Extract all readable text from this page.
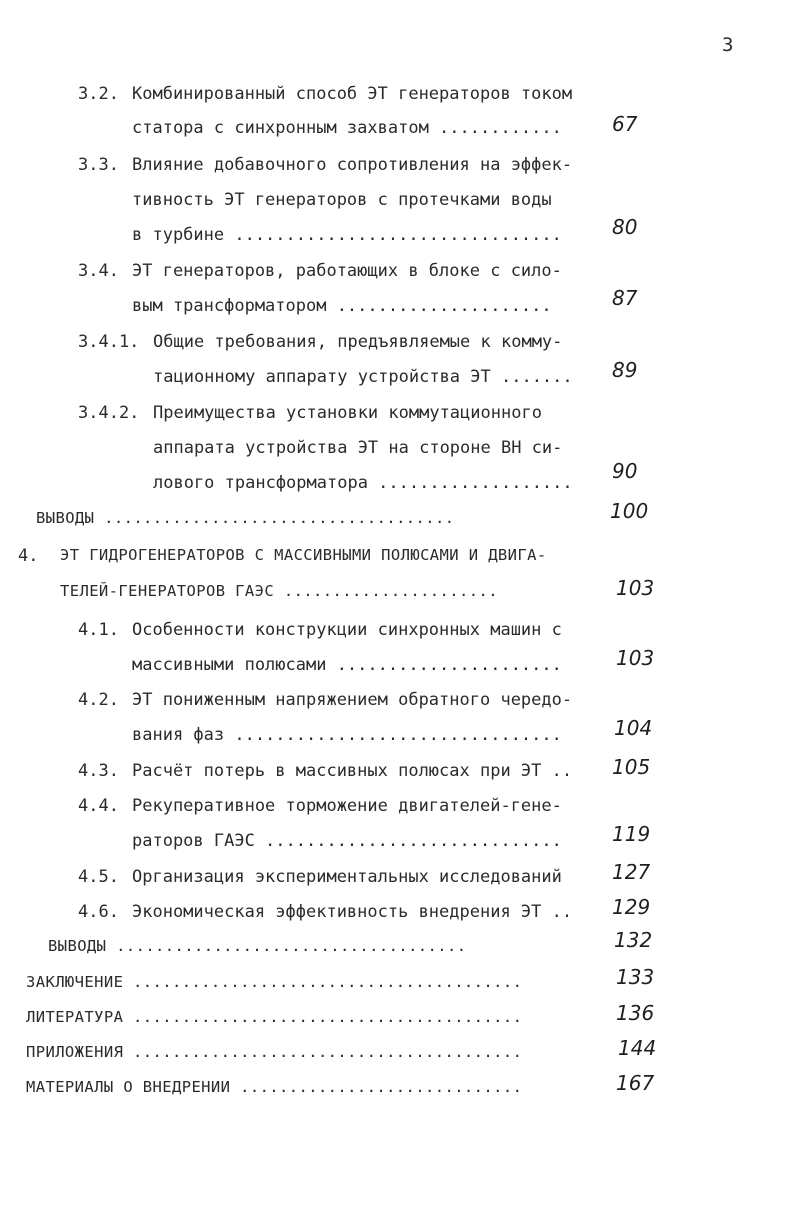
3
3.2. Комбинированный способ ЭТ генераторов током
статора с синхронным захватом ............	67
3.3. Влияние добавочного сопротивления на эффек-
тивность ЭТ генераторов с протечками воды
в турбине ................................	80
3.4. ЭТ генераторов, работающих в блоке с сило-
вым трансформатором .....................	87
3.4.1. Общие требования, предъявляемые к комму-
тационному аппарату устройства ЭТ ....... 89
3.4.2. Преимущества установки коммутационного
аппарата устройства ЭТ на стороне ВН си-
лового трансформатора ................... 90
ВЫВОДЫ ....................................	100
4. ЭТ ГИДРОГЕНЕРАТОРОВ С МАССИВНЫМИ ПОЛЮСАМИ И ДВИГА-
ТЕЛЕЙ-ГЕНЕРАТОРОВ ГАЭС ......................	103
4.1. Особенности конструкции синхронных машин с
массивными полюсами ......................	103
4.2. ЭТ пониженным напряжением обратного чередо-
вания фаз ................................	104
4.3. Расчёт потерь в массивных полюсах при ЭТ .. 105
4.4. Рекуперативное торможение двигателей-гене-
раторов ГАЭС .............................	119
4.5. Организация экспериментальных исследований	127
4.6. Экономическая эффективность внедрения ЭТ .. 129
ВЫВОДЫ ....................................	132
ЗАКЛЮЧЕНИЕ ........................................	133
ЛИТЕРАТУРА ........................................	136
ПРИЛОЖЕНИЯ ........................................	144
МАТЕРИАЛЫ О ВНЕДРЕНИИ .............................	167
